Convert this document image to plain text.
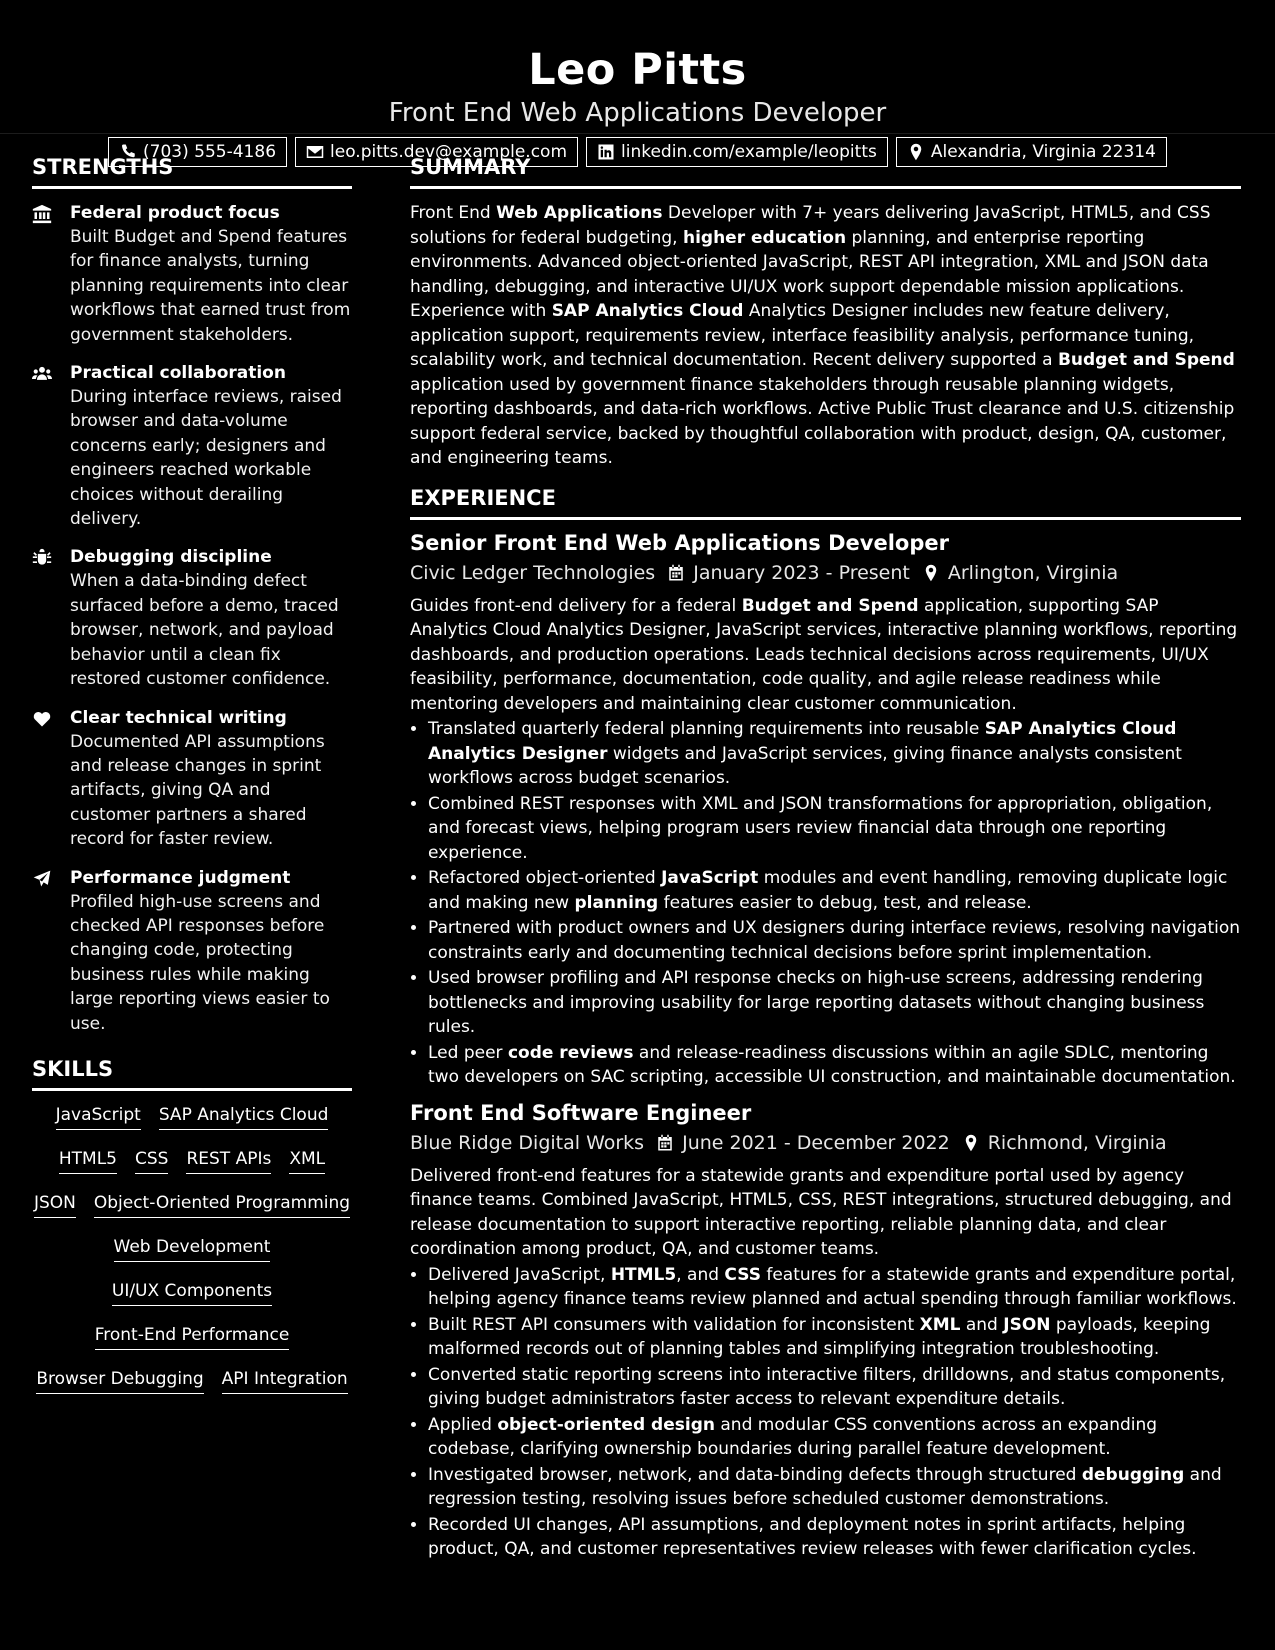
Leo Pitts
Front End Web Applications Developer
(703) 555-4186	leo.pitts.dev@example.com	linkedin.com/example/leopitts	Alexandria, Virginia 22314
STRENGTHS
Federal product focus
Built Budget and Spend features for finance analysts, turning planning requirements into clear workflows that earned trust from government stakeholders.
Practical collaboration
During interface reviews, raised browser and data-volume concerns early; designers and engineers reached workable choices without derailing delivery.
Debugging discipline
When a data-binding defect surfaced before a demo, traced browser, network, and payload behavior until a clean fix restored customer confidence.
Clear technical writing
Documented API assumptions and release changes in sprint artifacts, giving QA and customer partners a shared record for faster review.
Performance judgment
Profiled high-use screens and checked API responses before changing code, protecting business rules while making large reporting views easier to use.
SKILLS
JavaScript SAP Analytics Cloud
HTML5 CSS REST APIs XML
JSON Object-Oriented Programming
Web Development
UI/UX Components
Front-End Performance
Browser Debugging API Integration
SUMMARY

Front End Web Applications Developer with 7+ years delivering JavaScript, HTML5, and CSS solutions for federal budgeting, higher education planning, and enterprise reporting environments. Advanced object-oriented JavaScript, REST API integration, XML and JSON data handling, debugging, and interactive UI/UX work support dependable mission applications. Experience with SAP Analytics Cloud Analytics Designer includes new feature delivery, application support, requirements review, interface feasibility analysis, performance tuning, scalability work, and technical documentation. Recent delivery supported a Budget and Spend application used by government finance stakeholders through reusable planning widgets, reporting dashboards, and data-rich workflows. Active Public Trust clearance and U.S. citizenship support federal service, backed by thoughtful collaboration with product, design, QA, customer, and engineering teams.

EXPERIENCE
Senior Front End Web Applications Developer
Civic Ledger Technologies January 2023 - Present Arlington, Virginia

Guides front-end delivery for a federal Budget and Spend application, supporting SAP Analytics Cloud Analytics Designer, JavaScript services, interactive planning workflows, reporting dashboards, and production operations. Leads technical decisions across requirements, UI/UX feasibility, performance, documentation, code quality, and agile release readiness while mentoring developers and maintaining clear customer communication.

• Translated quarterly federal planning requirements into reusable SAP Analytics Cloud Analytics Designer widgets and JavaScript services, giving finance analysts consistent workflows across budget scenarios.
• Combined REST responses with XML and JSON transformations for appropriation, obligation, and forecast views, helping program users review financial data through one reporting experience.
• Refactored object-oriented JavaScript modules and event handling, removing duplicate logic and making new planning features easier to debug, test, and release.
• Partnered with product owners and UX designers during interface reviews, resolving navigation constraints early and documenting technical decisions before sprint implementation.
• Used browser profiling and API response checks on high-use screens, addressing rendering bottlenecks and improving usability for large reporting datasets without changing business rules.
• Led peer code reviews and release-readiness discussions within an agile SDLC, mentoring two developers on SAC scripting, accessible UI construction, and maintainable documentation.
Front End Software Engineer
Blue Ridge Digital Works June 2021 - December 2022 Richmond, Virginia

Delivered front-end features for a statewide grants and expenditure portal used by agency finance teams. Combined JavaScript, HTML5, CSS, REST integrations, structured debugging, and release documentation to support interactive reporting, reliable planning data, and clear coordination among product, QA, and customer teams.

• Delivered JavaScript, HTML5, and CSS features for a statewide grants and expenditure portal, helping agency finance teams review planned and actual spending through familiar workflows.
• Built REST API consumers with validation for inconsistent XML and JSON payloads, keeping malformed records out of planning tables and simplifying integration troubleshooting.
• Converted static reporting screens into interactive filters, drilldowns, and status components, giving budget administrators faster access to relevant expenditure details.
• Applied object-oriented design and modular CSS conventions across an expanding codebase, clarifying ownership boundaries during parallel feature development.
• Investigated browser, network, and data-binding defects through structured debugging and regression testing, resolving issues before scheduled customer demonstrations.
• Recorded UI changes, API assumptions, and deployment notes in sprint artifacts, helping product, QA, and customer representatives review releases with fewer clarification cycles.
